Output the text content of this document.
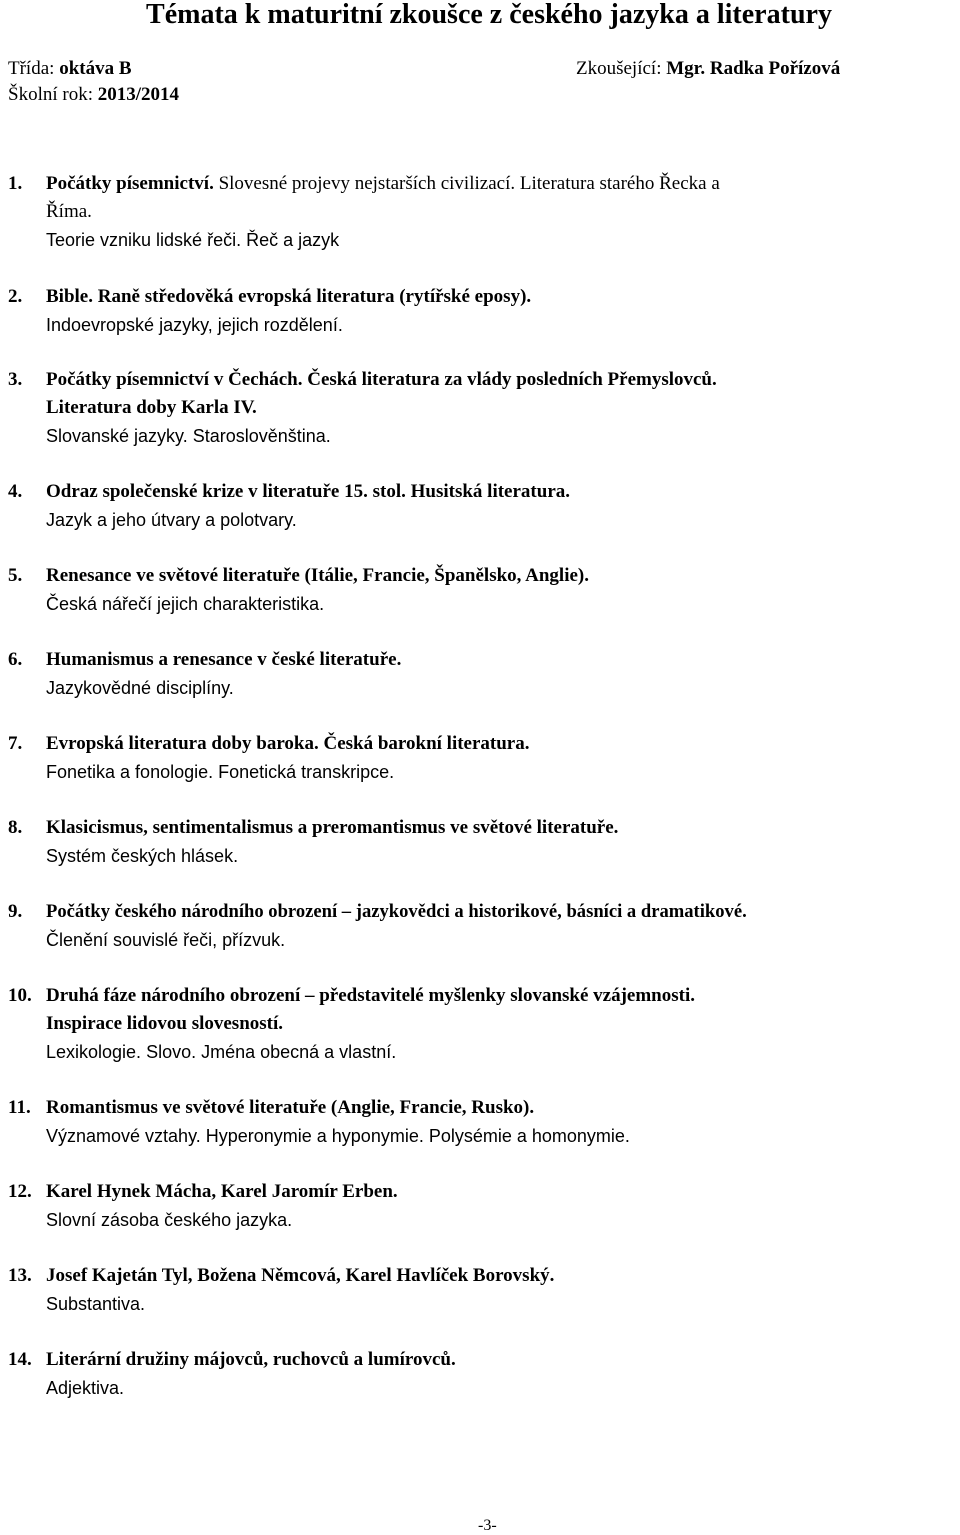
Témata k maturitní zkoušce z českého jazyka a literatury
Třída: oktáva B
Školní rok: 2013/2014
Zkoušející: Mgr. Radka Pořízová
1. Počátky písemnictví. Slovesné projevy nejstarších civilizací. Literatura starého Řecka a
Říma.
Teorie vzniku lidské řeči. Řeč a jazyk
2. Bible. Raně středověká evropská literatura (rytířské eposy).
Indoevropské jazyky, jejich rozdělení.
3. Počátky písemnictví v Čechách. Česká literatura za vlády posledních Přemyslovců.
Literatura doby Karla IV.
Slovanské jazyky. Staroslověnština.
4. Odraz společenské krize v literatuře 15. stol. Husitská literatura.
Jazyk a jeho útvary a polotvary.
5. Renesance ve světové literatuře (Itálie, Francie, Španělsko, Anglie).
Česká nářečí jejich charakteristika.
6. Humanismus a renesance v české literatuře.
Jazykovědné disciplíny.
7. Evropská literatura doby baroka. Česká barokní literatura.
Fonetika a fonologie. Fonetická transkripce.
8. Klasicismus, sentimentalismus a preromantismus ve světové literatuře.
Systém českých hlásek.
9. Počátky českého národního obrození – jazykovědci a historikové, básníci a dramatikové.
Členění souvislé řeči, přízvuk.
10. Druhá fáze národního obrození – představitelé myšlenky slovanské vzájemnosti.
Inspirace lidovou slovesností.
Lexikologie. Slovo. Jména obecná a vlastní.
11. Romantismus ve světové literatuře (Anglie, Francie, Rusko).
Významové vztahy. Hyperonymie a hyponymie. Polysémie a homonymie.
12. Karel Hynek Mácha, Karel Jaromír Erben.
Slovní zásoba českého jazyka.
13. Josef Kajetán Tyl, Božena Němcová, Karel Havlíček Borovský.
Substantiva.
14. Literární družiny májovců, ruchovců a lumírovců.
Adjektiva.
-3-
